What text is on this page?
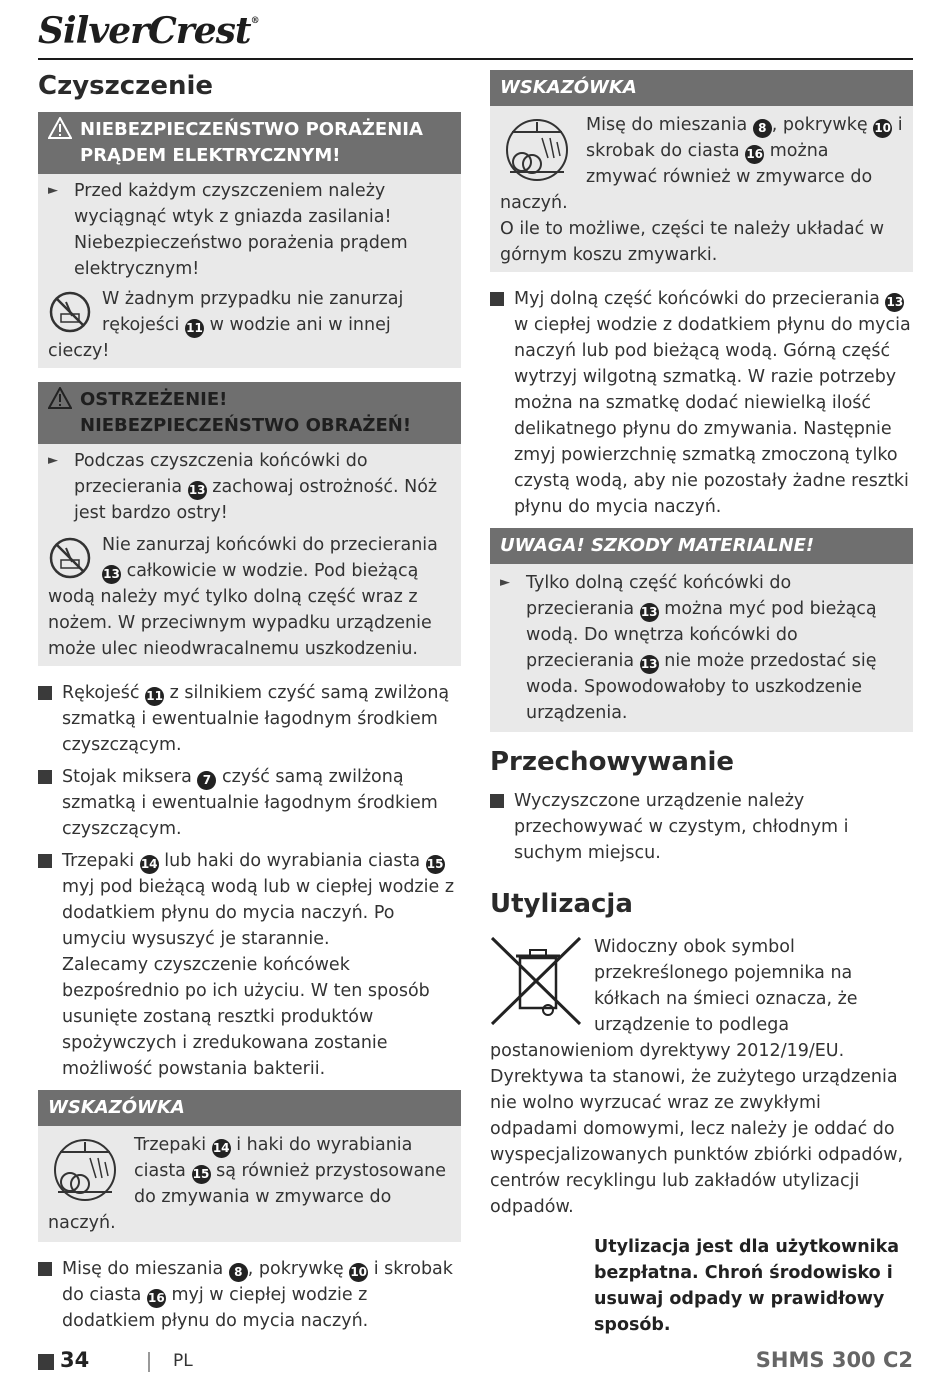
SilverCrest®
Czyszczenie
NIEBEZPIECZEŃSTWO PORAŻENIA
PRĄDEM ELEKTRYCZNYM!
► Przed każdym czyszczeniem należy wyciągnąć wtyk z gniazda zasilania! Niebezpieczeństwo porażenia prądem elektrycznym!

W żadnym przypadku nie zanurzaj rękojeści 11 w wodzie ani w innej cieczy!

OSTRZEŻENIE!
NIEBEZPIECZEŃSTWO OBRAŻEŃ!
► Podczas czyszczenia końcówki do przecierania 13 zachowaj ostrożność. Nóż jest bardzo ostry!

Nie zanurzaj końcówki do przecierania 13 całkowicie w wodzie. Pod bieżącą wodą należy myć tylko dolną część wraz z nożem. W przeciwnym wypadku urządzenie może ulec nieodwracalnemu uszkodzeniu.

Rękojeść 11 z silnikiem czyść samą zwilżoną szmatką i ewentualnie łagodnym środkiem czyszczącym.

Stojak miksera 7 czyść samą zwilżoną szmatką i ewentualnie łagodnym środkiem czyszczącym.

Trzepaki 14 lub haki do wyrabiania ciasta 15 myj pod bieżącą wodą lub w ciepłej wodzie z dodatkiem płynu do mycia naczyń. Po umyciu wysuszyć je starannie.

Zalecamy czyszczenie końcówek bezpośrednio po ich użyciu. W ten sposób usunięte zostaną resztki produktów spożywczych i zredukowana zostanie możliwość powstania bakterii.

WSKAZÓWKA

Trzepaki 14 i haki do wyrabiania ciasta 15 są również przystosowane do zmywania w zmywarce do naczyń.

Misę do mieszania 8 , pokrywkę 10 i skrobak do ciasta 16 myj w ciepłej wodzie z dodatkiem płynu do mycia naczyń.

WSKAZÓWKA

Misę do mieszania 8 , pokrywkę 10 i skrobak do ciasta 16 można zmywać również w zmywarce do naczyń.

O ile to możliwe, części te należy układać w górnym koszu zmywarki.

Myj dolną część końcówki do przecierania 13 w ciepłej wodzie z dodatkiem płynu do mycia naczyń lub pod bieżącą wodą. Górną część wytrzyj wilgotną szmatką. W razie potrzeby można na szmatkę dodać niewielką ilość delikatnego płynu do zmywania. Następnie zmyj powierzchnię szmatką zmoczoną tylko czystą wodą, aby nie pozostały żadne resztki płynu do mycia naczyń.

UWAGA! SZKODY MATERIALNE!
► Tylko dolną część końcówki do przecierania 13 można myć pod bieżącą wodą. Do wnętrza końcówki do przecierania 13 nie może przedostać się woda. Spowodowałoby to uszkodzenie urządzenia.

Przechowywanie

Wyczyszczone urządzenie należy przechowywać w czystym, chłodnym i suchym miejscu.

Utylizacja

Widoczny obok symbol przekreślonego pojemnika na kółkach na śmieci oznacza, że urządzenie to podlega postanowieniom dyrektywy 2012/19/EU. Dyrektywa ta stanowi, że zużytego urządzenia nie wolno wyrzucać wraz ze zwykłymi odpadami domowymi, lecz należy je oddać do wyspecjalizowanych punktów zbiórki odpadów, centrów recyklingu lub zakładów utylizacji odpadów.

Utylizacja jest dla użytkownika bezpłatna. Chroń środowisko i usuwaj odpady w prawidłowy sposób.

34	PL	SHMS 300 C2
